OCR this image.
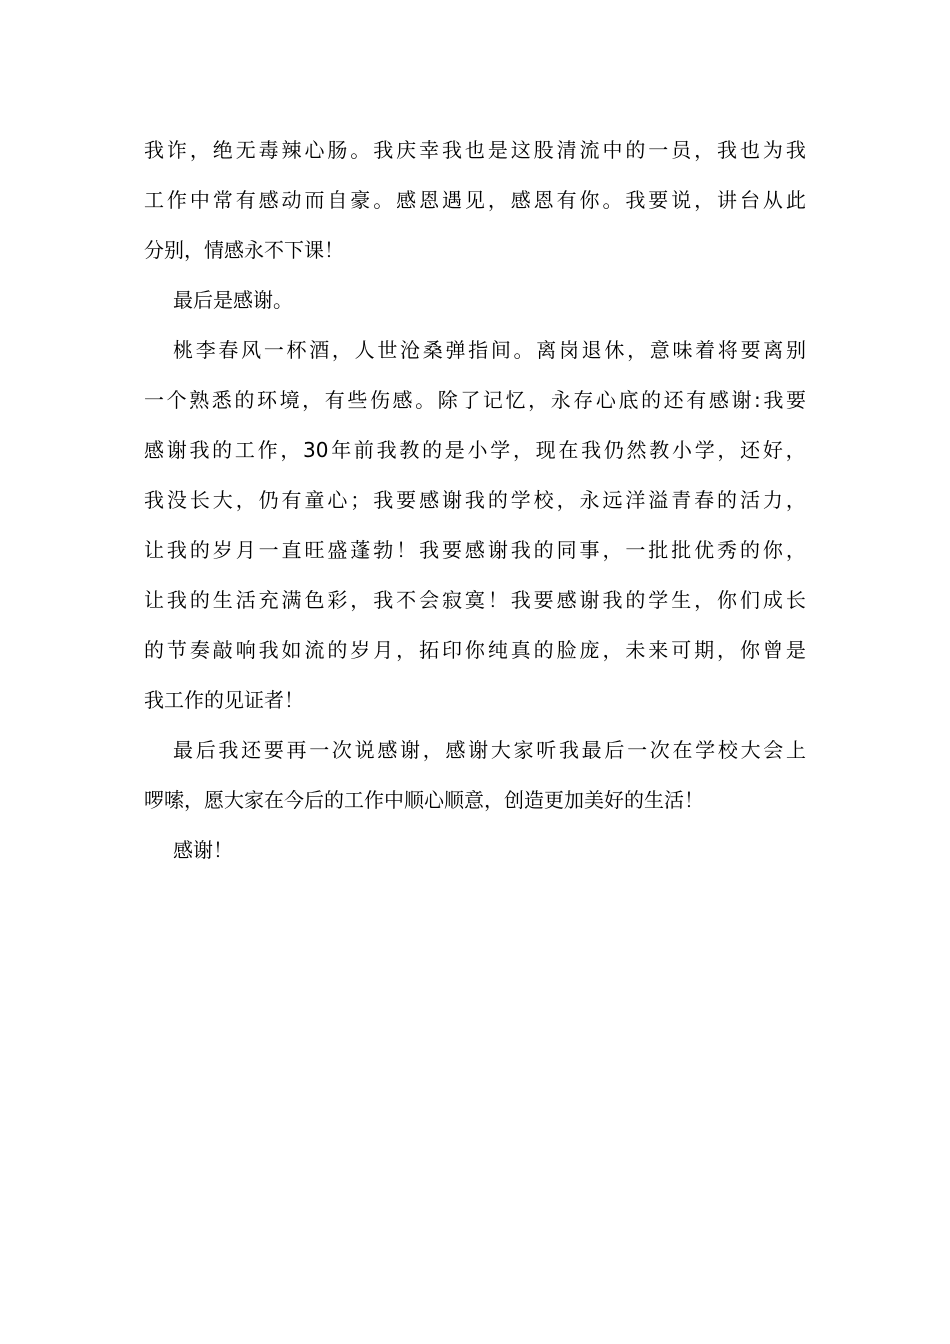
我 诈 ， 绝 无 毒 辣 心 肠 。 我 庆 幸 我 也 是 这 股 清 流 中 的 一 员 ， 我 也 为 我
工 作 中 常 有 感 动 而 自 豪 。 感 恩 遇 见 ， 感 恩 有 你 。 我 要 说 ， 讲 台 从 此
分别，情感永不下课！
最后是感谢。
桃 李 春 风 一 杯 酒 ， 人 世 沧 桑 弹 指 间 。 离 岗 退 休 ， 意 味 着 将 要 离 别
一 个 熟 悉 的 环 境 ， 有 些 伤 感 。 除 了 记 忆 ， 永 存 心 底 的 还 有 感 谢 : 我 要
感 谢 我 的 工 作 ， 30 年 前 我 教 的 是 小 学 ， 现 在 我 仍 然 教 小 学 ， 还 好 ，
我 没 长 大 ， 仍 有 童 心 ； 我 要 感 谢 我 的 学 校 ， 永 远 洋 溢 青 春 的 活 力 ，
让 我 的 岁 月 一 直 旺 盛 蓬 勃 ！ 我 要 感 谢 我 的 同 事 ， 一 批 批 优 秀 的 你 ，
让 我 的 生 活 充 满 色 彩 ， 我 不 会 寂 寞 ！ 我 要 感 谢 我 的 学 生 ， 你 们 成 长
的 节 奏 敲 响 我 如 流 的 岁 月 ， 拓 印 你 纯 真 的 脸 庞 ， 未 来 可 期 ， 你 曾 是
我工作的见证者！
最 后 我 还 要 再 一 次 说 感 谢 ， 感 谢 大 家 听 我 最 后 一 次 在 学 校 大 会 上
啰嗦，愿大家在今后的工作中顺心顺意，创造更加美好的生活！
感谢！
